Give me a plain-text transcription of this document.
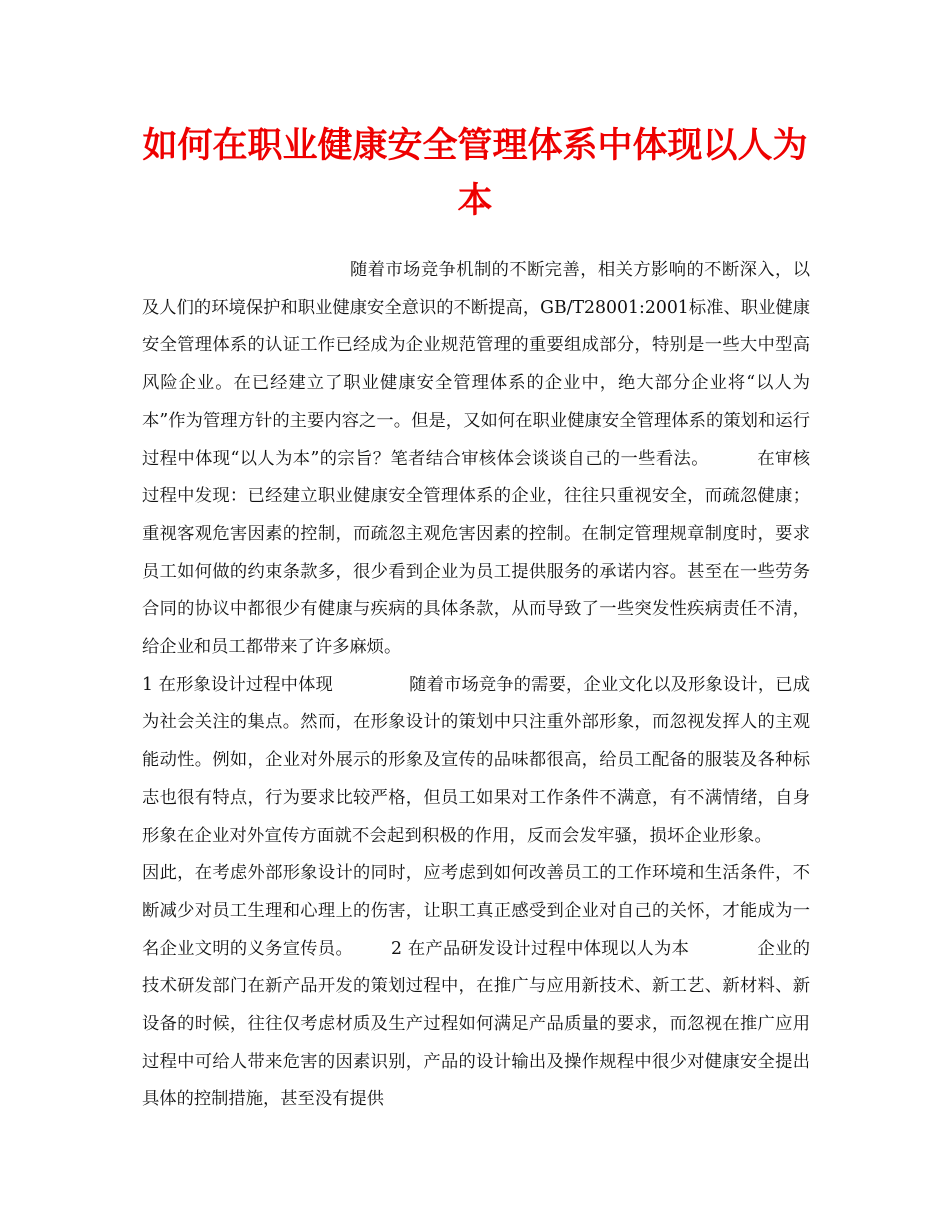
如何在职业健康安全管理体系中体现以人为本

随着市场竞争机制的不断完善，相关方影响的不断深入，以及人们的环境保护和职业健康安全意识的不断提高，GB/T28001:2001标准、职业健康安全管理体系的认证工作已经成为企业规范管理的重要组成部分，特别是一些大中型高风险企业。在已经建立了职业健康安全管理体系的企业中，绝大部分企业将“以人为本”作为管理方针的主要内容之一。但是，又如何在职业健康安全管理体系的策划和运行过程中体现“以人为本”的宗旨？笔者结合审核体会谈谈自己的一些看法。	在审核过程中发现：已经建立职业健康安全管理体系的企业，往往只重视安全，而疏忽健康；重视客观危害因素的控制，而疏忽主观危害因素的控制。在制定管理规章制度时，要求员工如何做的约束条款多，很少看到企业为员工提供服务的承诺内容。甚至在一些劳务合同的协议中都很少有健康与疾病的具体条款，从而导致了一些突发性疾病责任不清，给企业和员工都带来了许多麻烦。
1 在形象设计过程中体现	随着市场竞争的需要，企业文化以及形象设计，已成为社会关注的集点。然而，在形象设计的策划中只注重外部形象，而忽视发挥人的主观能动性。例如，企业对外展示的形象及宣传的品味都很高，给员工配备的服装及各种标志也很有特点，行为要求比较严格，但员工如果对工作条件不满意，有不满情绪，自身形象在企业对外宣传方面就不会起到积极的作用，反而会发牢骚，损坏企业形象。因此，在考虑外部形象设计的同时，应考虑到如何改善员工的工作环境和生活条件，不断减少对员工生理和心理上的伤害，让职工真正感受到企业对自己的关怀，才能成为一名企业文明的义务宣传员。 2 在产品研发设计过程中体现以人为本	企业的技术研发部门在新产品开发的策划过程中，在推广与应用新技术、新工艺、新材料、新设备的时候，往往仅考虑材质及生产过程如何满足产品质量的要求，而忽视在推广应用过程中可给人带来危害的因素识别，产品的设计输出及操作规程中很少对健康安全提出具体的控制措施，甚至没有提供
